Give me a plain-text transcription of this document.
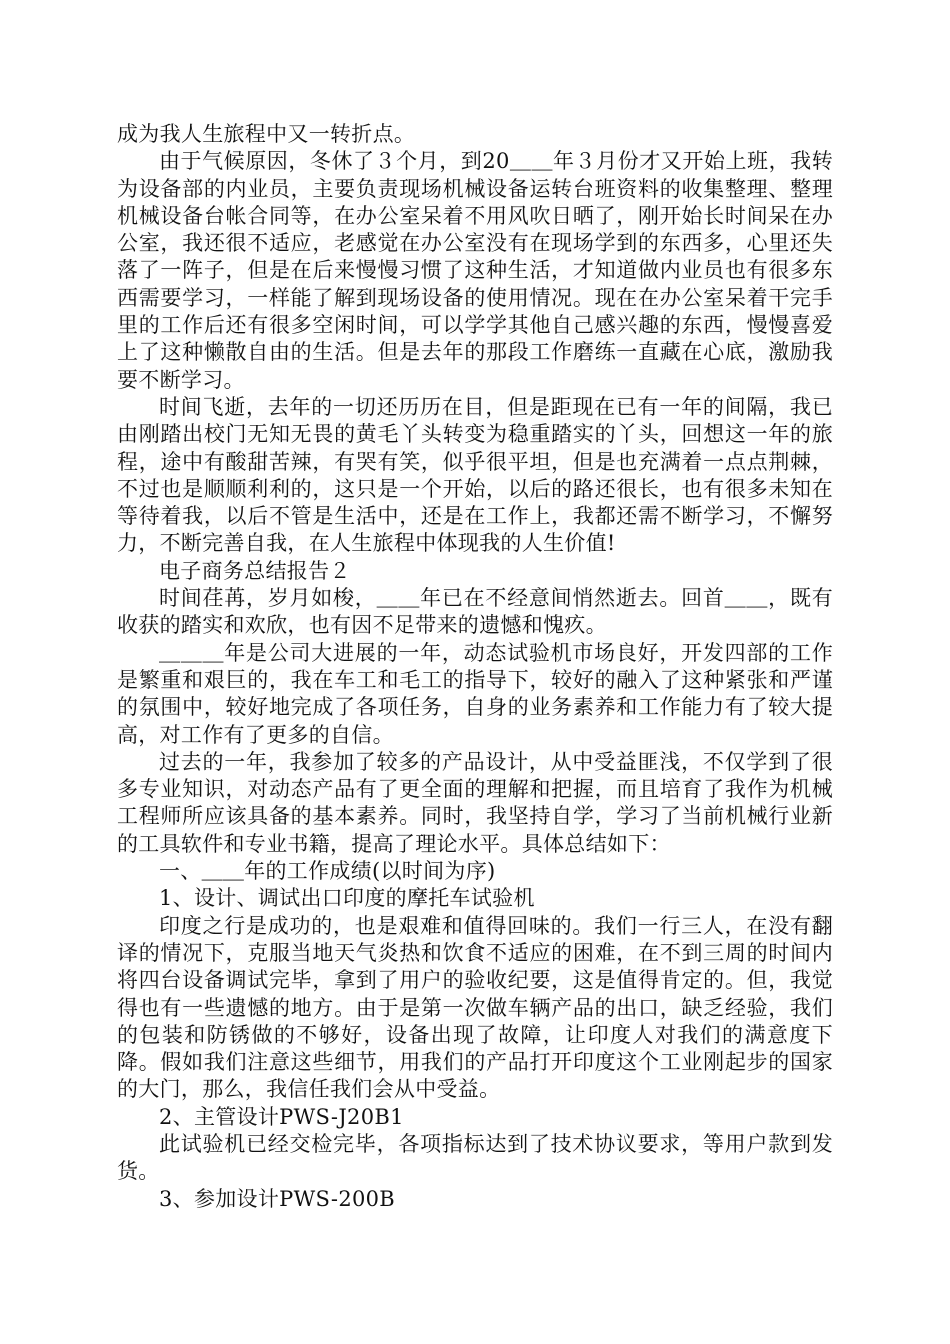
成为我人生旅程中又一转折点。

由于气候原因，冬休了３个月，到20＿＿年３月份才又开始上班，我转为设备部的内业员，主要负责现场机械设备运转台班资料的收集整理、整理机械设备台帐合同等，在办公室呆着不用风吹日晒了，刚开始长时间呆在办公室，我还很不适应，老感觉在办公室没有在现场学到的东西多，心里还失落了一阵子，但是在后来慢慢习惯了这种生活，才知道做内业员也有很多东西需要学习，一样能了解到现场设备的使用情况。现在在办公室呆着干完手里的工作后还有很多空闲时间，可以学学其他自己感兴趣的东西，慢慢喜爱上了这种懒散自由的生活。但是去年的那段工作磨练一直藏在心底，激励我要不断学习。

时间飞逝，去年的一切还历历在目，但是距现在已有一年的间隔，我已由刚踏出校门无知无畏的黄毛丫头转变为稳重踏实的丫头，回想这一年的旅程，途中有酸甜苦辣，有哭有笑，似乎很平坦，但是也充满着一点点荆棘，不过也是顺顺利利的，这只是一个开始，以后的路还很长，也有很多未知在等待着我，以后不管是生活中，还是在工作上，我都还需不断学习，不懈努力，不断完善自我，在人生旅程中体现我的人生价值!

电子商务总结报告２

时间荏苒，岁月如梭，＿＿年已在不经意间悄然逝去。回首＿＿，既有收获的踏实和欢欣，也有因不足带来的遗憾和愧疚。

＿＿＿年是公司大进展的一年，动态试验机市场良好，开发四部的工作是繁重和艰巨的，我在车工和毛工的指导下，较好的融入了这种紧张和严谨的氛围中，较好地完成了各项任务，自身的业务素养和工作能力有了较大提高，对工作有了更多的自信。

过去的一年，我参加了较多的产品设计，从中受益匪浅，不仅学到了很多专业知识，对动态产品有了更全面的理解和把握，而且培育了我作为机械工程师所应该具备的基本素养。同时，我坚持自学，学习了当前机械行业新的工具软件和专业书籍，提高了理论水平。具体总结如下：

一、＿＿年的工作成绩(以时间为序)

1、设计、调试出口印度的摩托车试验机

印度之行是成功的，也是艰难和值得回味的。我们一行三人，在没有翻译的情况下，克服当地天气炎热和饮食不适应的困难，在不到三周的时间内将四台设备调试完毕，拿到了用户的验收纪要，这是值得肯定的。但，我觉得也有一些遗憾的地方。由于是第一次做车辆产品的出口，缺乏经验，我们的包装和防锈做的不够好，设备出现了故障，让印度人对我们的满意度下降。假如我们注意这些细节，用我们的产品打开印度这个工业刚起步的国家的大门，那么，我信任我们会从中受益。

2、主管设计PWS-J20B1

此试验机已经交检完毕，各项指标达到了技术协议要求，等用户款到发货。

3、参加设计PWS-200B
